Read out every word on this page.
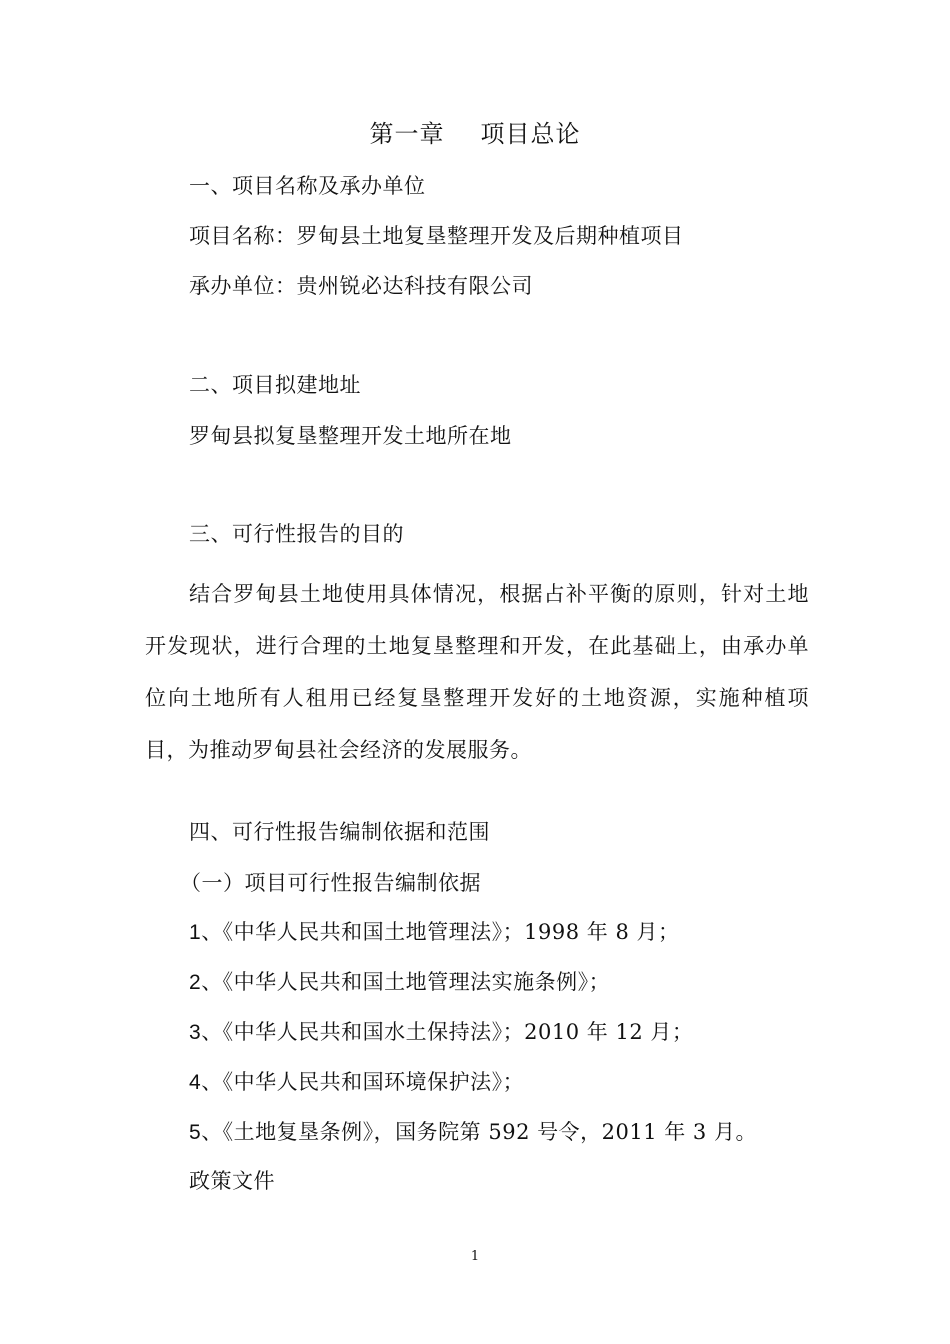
第一章 项目总论
一、项目名称及承办单位
项目名称：罗甸县土地复垦整理开发及后期种植项目
承办单位：贵州锐必达科技有限公司
二、项目拟建地址
罗甸县拟复垦整理开发土地所在地
三、可行性报告的目的
结合罗甸县土地使用具体情况，根据占补平衡的原则，针对土地开发现状，进行合理的土地复垦整理和开发，在此基础上，由承办单位向土地所有人租用已经复垦整理开发好的土地资源，实施种植项目，为推动罗甸县社会经济的发展服务。
四、可行性报告编制依据和范围
（一）项目可行性报告编制依据
1、《中华人民共和国土地管理法》；1998 年 8 月；
2、《中华人民共和国土地管理法实施条例》；
3、《中华人民共和国水土保持法》；2010 年 12 月；
4、《中华人民共和国环境保护法》；
5、《土地复垦条例》，国务院第 592 号令，2011 年 3 月。
政策文件
1
